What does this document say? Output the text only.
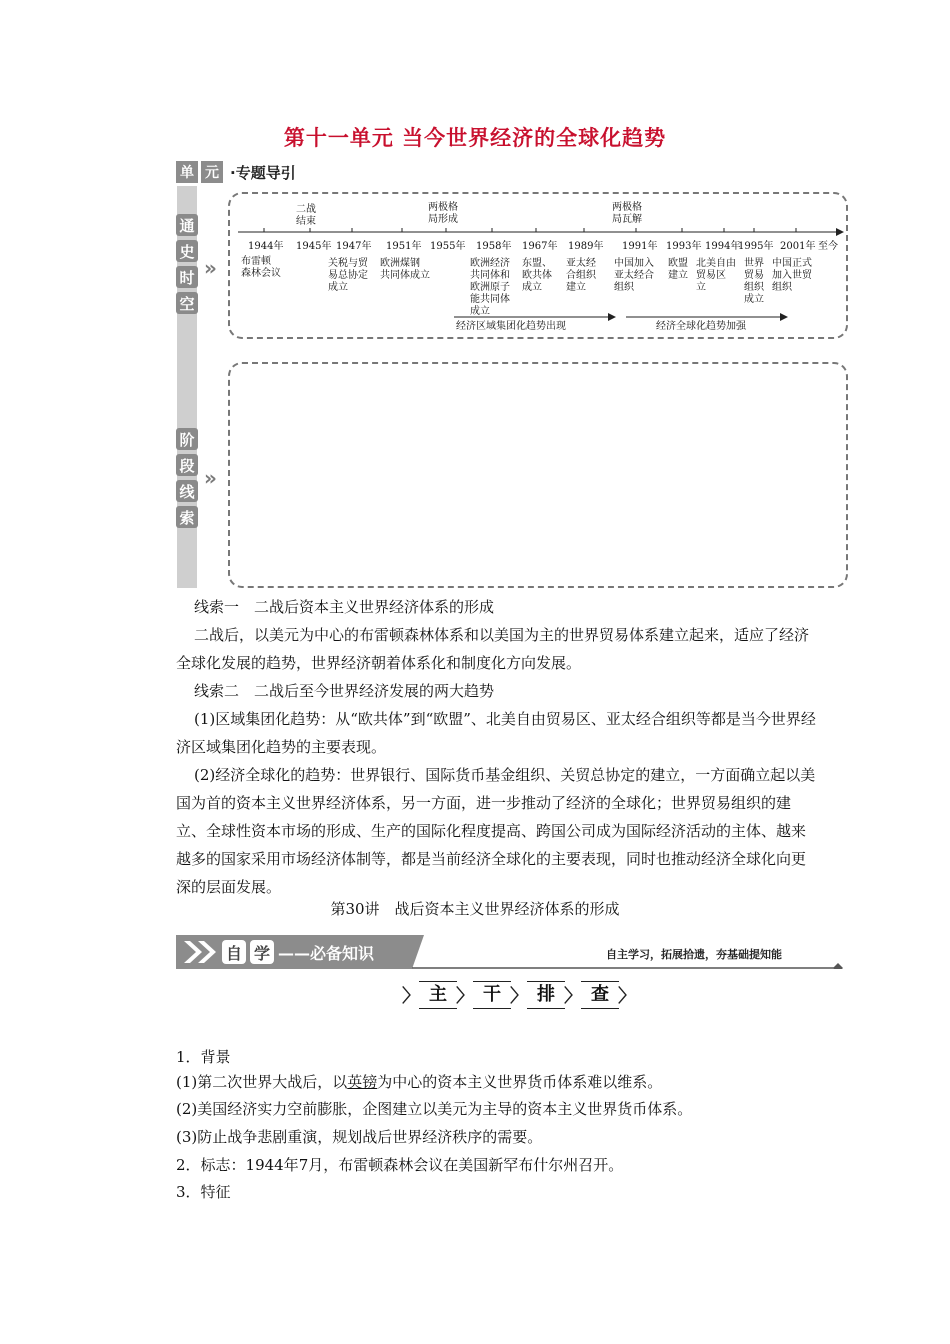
第十一单元 当今世界经济的全球化趋势
单 元 ·专题导引
通
史
时
空
»
阶
段
线
索
»
二战
结束
两极格
局形成
两极格
局瓦解
1944年 1945年 1947年 1951年 1955年 1958年 1967年 1989年 1991年 1993年 1994年
1995年 2001年 至今
布雷顿
森林会议
关税与贸
易总协定
成立
欧洲煤钢
共同体成立
欧洲经济
共同体和
欧洲原子
能共同体
成立
东盟、
欧共体
成立
亚太经
合组织
建立
中国加入
亚太经合
组织
欧盟
建立
北美自由
贸易区
立
世界
贸易
组织
成立
中国正式
加入世贸
组织
经济区域集团化趋势出现	经济全球化趋势加强
线索一　二战后资本主义世界经济体系的形成
二战后，以美元为中心的布雷顿森林体系和以美国为主的世界贸易体系建立起来，适应了经济全球化发展的趋势，世界经济朝着体系化和制度化方向发展。
线索二　二战后至今世界经济发展的两大趋势
(1)区域集团化趋势：从“欧共体”到“欧盟”、北美自由贸易区、亚太经合组织等都是当今世界经济区域集团化趋势的主要表现。
(2)经济全球化的趋势：世界银行、国际货币基金组织、关贸总协定的建立，一方面确立起以美国为首的资本主义世界经济体系，另一方面，进一步推动了经济的全球化；世界贸易组织的建立、全球性资本市场的形成、生产的国际化程度提高、跨国公司成为国际经济活动的主体、越来越多的国家采用市场经济体制等，都是当前经济全球化的主要表现，同时也推动经济全球化向更深的层面发展。
第30讲　战后资本主义世界经济体系的形成
自 学 ——必备知识	自主学习，拓展拾遗，夯基础提知能
〉 主 〉 干 〉 排 〉 查 〉
1．背景
(1)第二次世界大战后，以英镑为中心的资本主义世界货币体系难以维系。
(2)美国经济实力空前膨胀，企图建立以美元为主导的资本主义世界货币体系。
(3)防止战争悲剧重演，规划战后世界经济秩序的需要。
2．标志：1944年7月，布雷顿森林会议在美国新罕布什尔州召开。
3．特征
